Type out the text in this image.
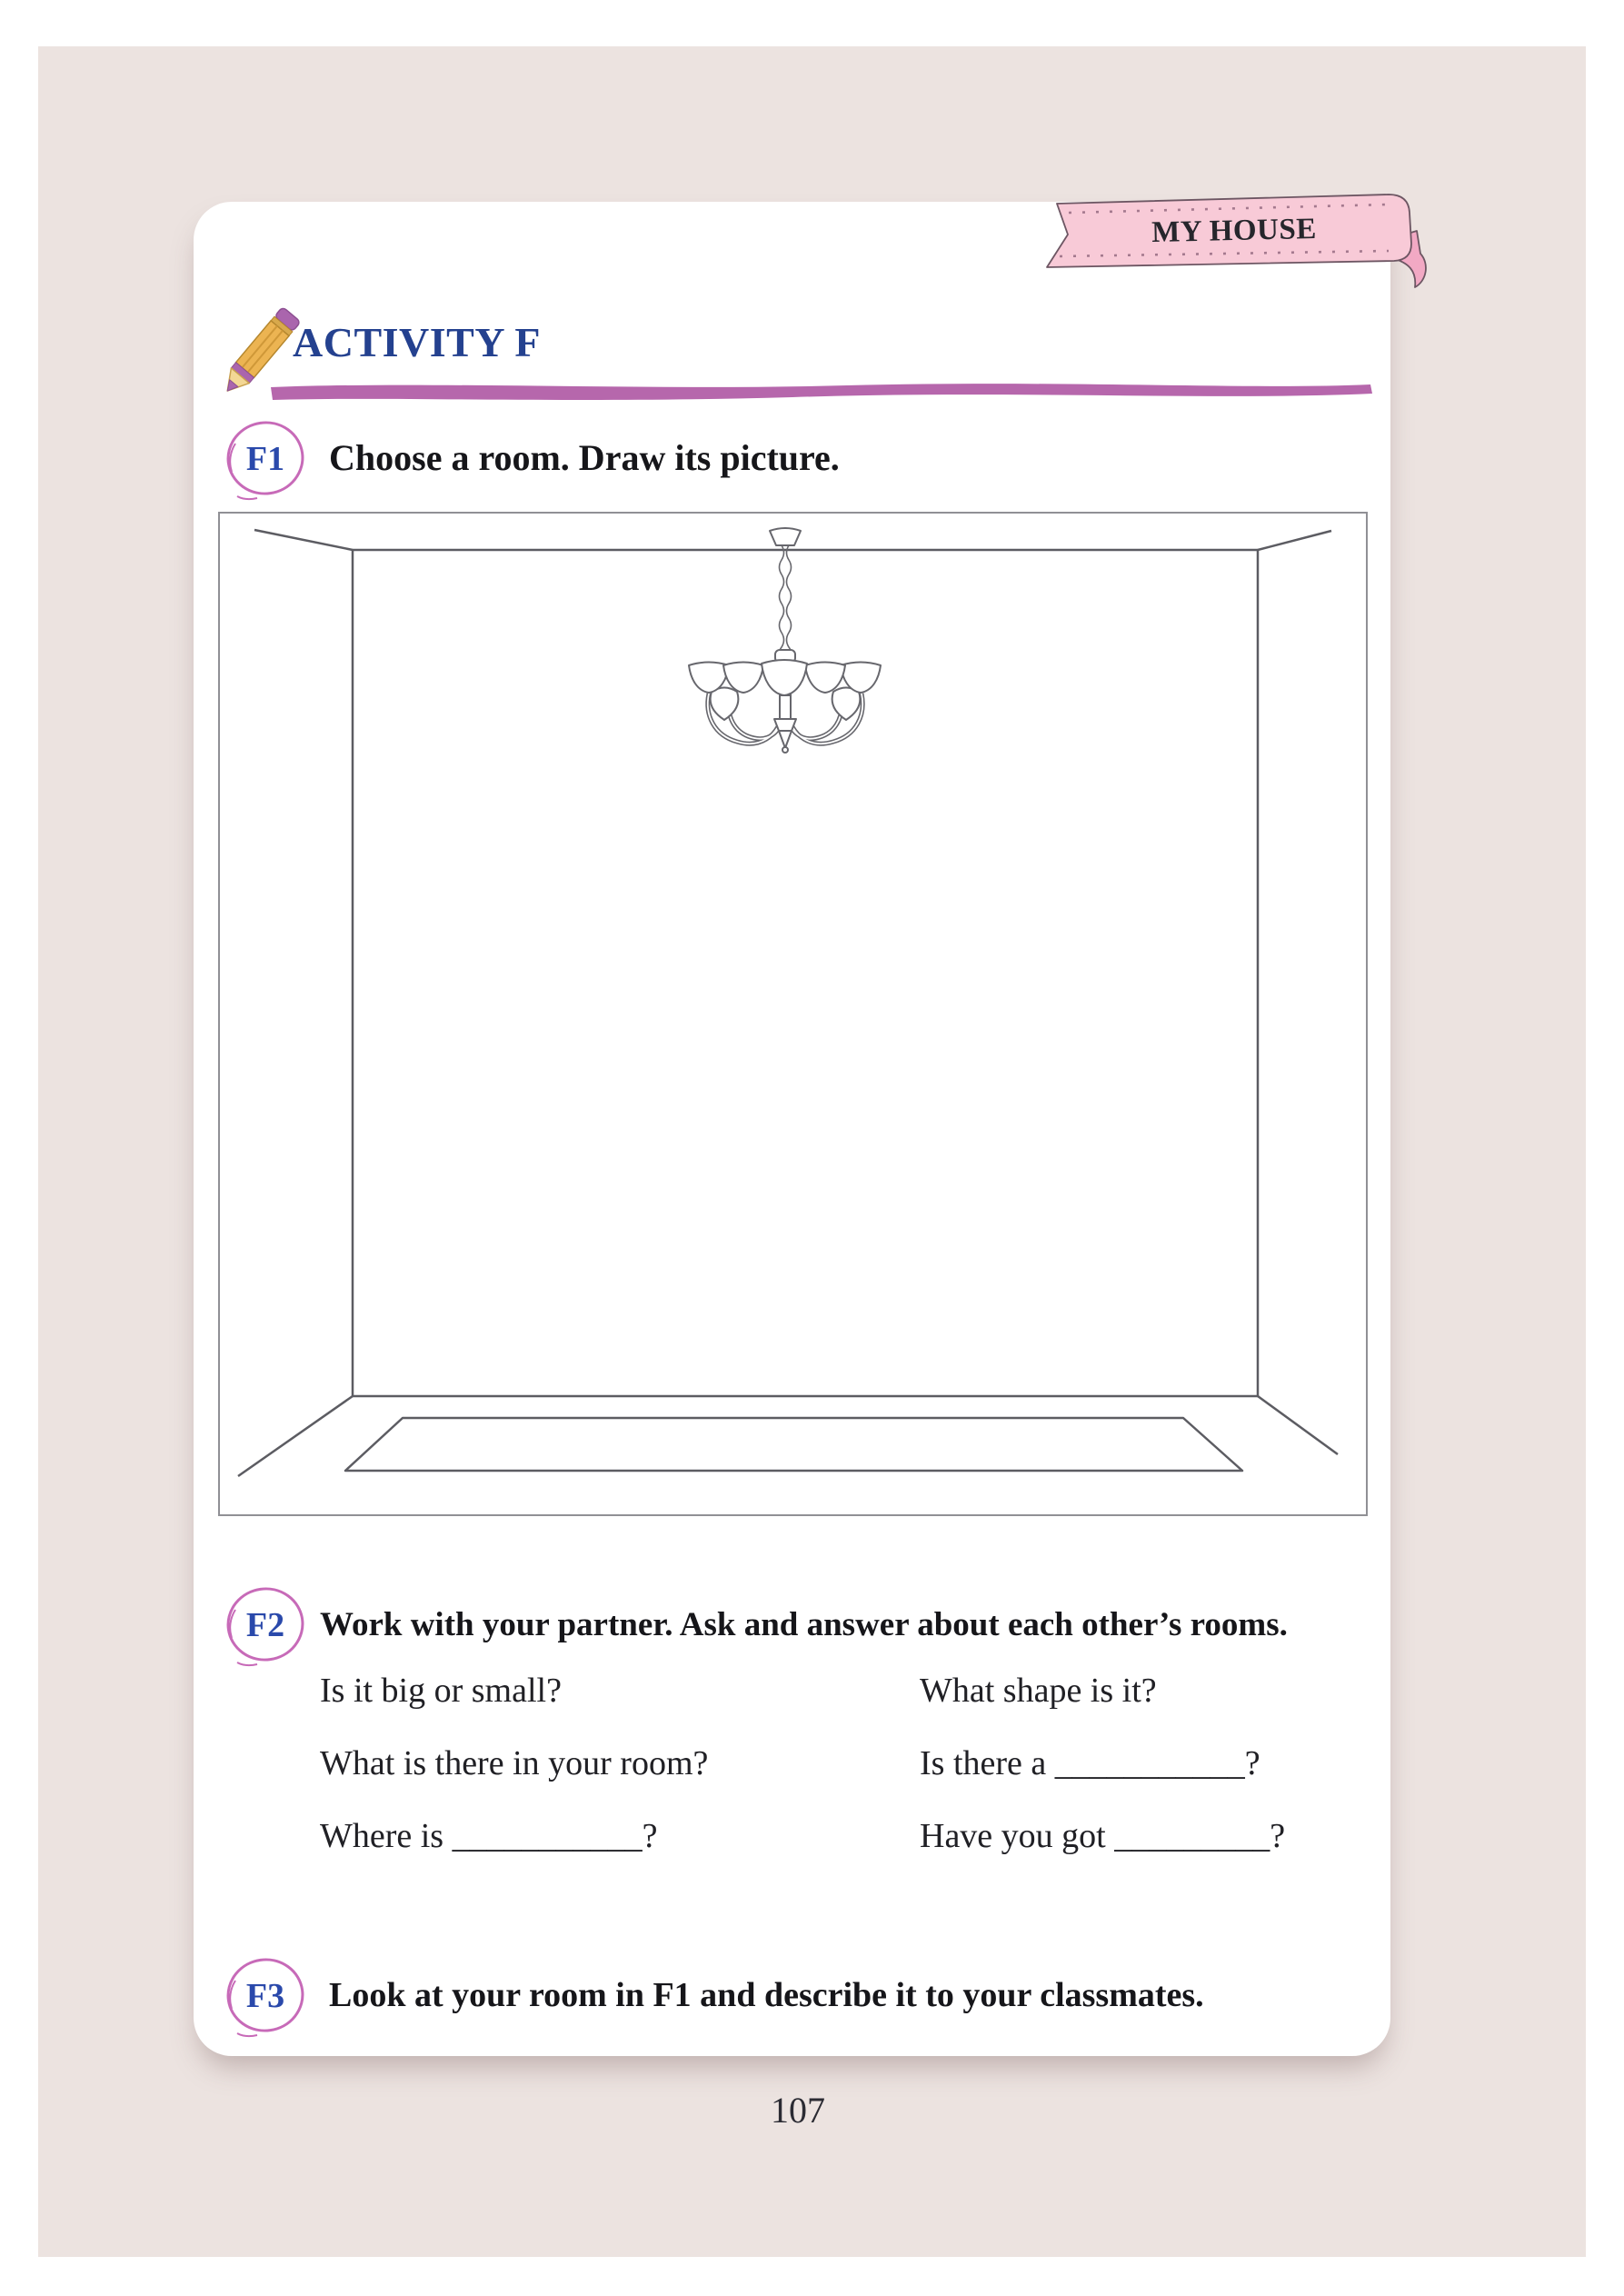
MY HOUSE
ACTIVITY F
F1	Choose a room. Draw its picture.
F2	Work with your partner. Ask and answer about each other’s rooms.
Is it big or small?	What shape is it?
What is there in your room?	Is there a ___________?
Where is ___________?	Have you got _________?
F3	Look at your room in F1 and describe it to your classmates.
107
